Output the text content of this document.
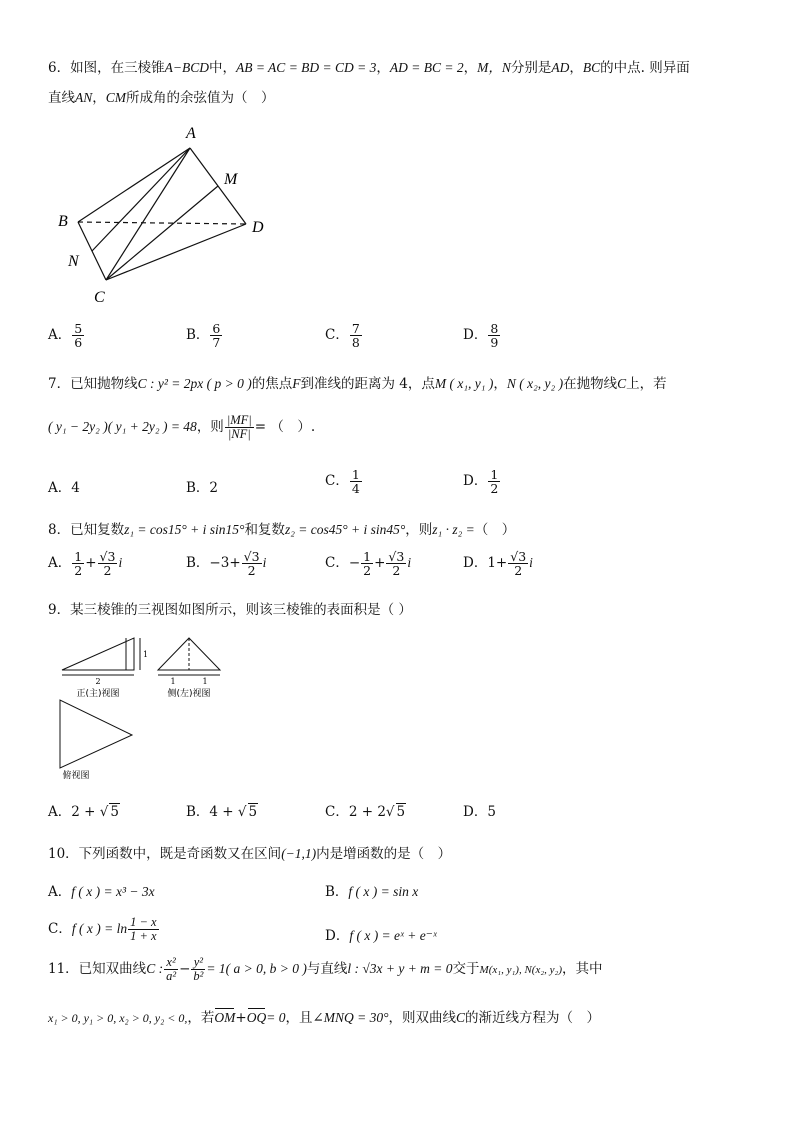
6．如图，在三棱锥A−BCD中，AB = AC = BD = CD = 3，AD = BC = 2，M，N分别是AD，BC的中点. 则异面
直线AN，CM所成角的余弦值为（　）
A
B
C
D
M
N
A． $\frac{5}{6}$	B． $\frac{6}{7}$	C． $\frac{7}{8}$	D． $\frac{8}{9}$
7．已知抛物线C : y² = 2px ( p > 0 )的焦点F到准线的距离为 4，点M ( x₁, y₁ )，N ( x₂, y₂ )在抛物线C上，若
( y₁ − 2y₂ )( y₁ + 2y₂ ) = 48，则 $\frac{|MF|}{|NF|}$ = （　）.
A．4	B．2	C． $\frac{1}{4}$	D． $\frac{1}{2}$
8．已知复数z₁ = cos15° + i sin15°和复数z₂ = cos45° + i sin45°，则z₁ · z₂ =（　）
A． $\frac{1}{2} + \frac{√3}{2}$ i	B．$-3+ \frac{√3}{2}$ i	C．− $\frac{1}{2} + \frac{√3}{2}$ i	D．$1+ \frac{√3}{2}$ i
9．某三棱锥的三视图如图所示，则该三棱锥的表面积是（ ）
2
1
1	1
正(主)视图	侧(左)视图
俯视图
A．2 + √ 5	B．4 + √ 5	C．2 + 2√ 5	D．5
10．下列函数中，既是奇函数又在区间(−1,1)内是增函数的是（　）
A．f ( x ) = x³ − 3x	B．f ( x ) = sin x
C．f ( x ) = $\ln \frac{1 - x}{1 + x}$	D．f ( x ) = eˣ + e⁻ˣ
11．已知双曲线C : $\frac{\text{x²}}{\text{a²}} - \frac{\text{y²}}{\text{b²}} = 1$( a > 0, b > 0 )与直线l : √3x + y + m = 0交于M(x₁, y₁), N(x₂, y₂)，其中
x₁ > 0, y₁ > 0, x₂ > 0, y₂ < 0,，若OM+OQ= 0，且∠MNQ = 30°，则双曲线C的渐近线方程为（　）
